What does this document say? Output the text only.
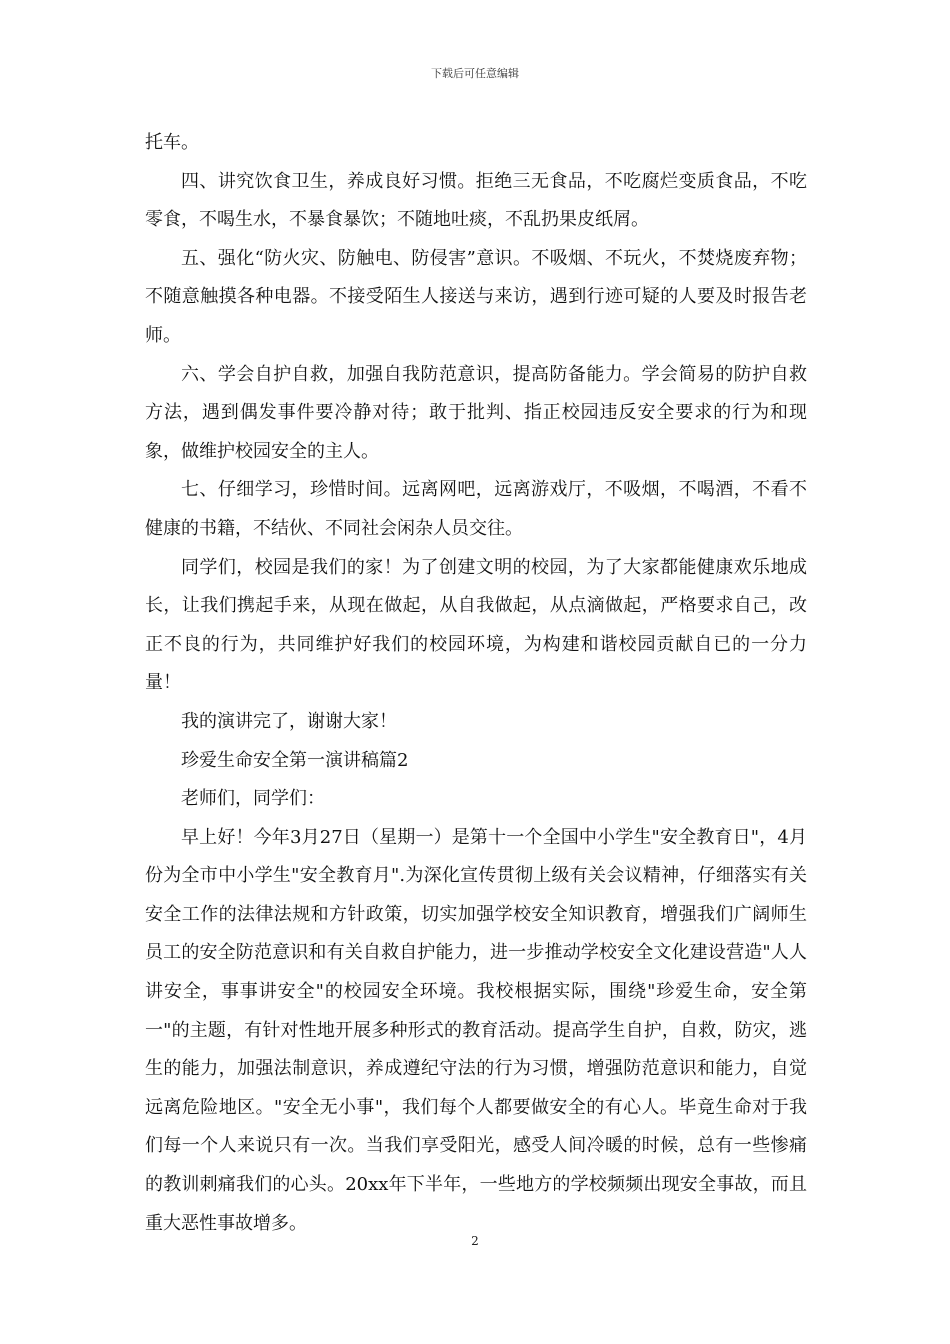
下载后可任意编辑

托车。

四、讲究饮食卫生，养成良好习惯。拒绝三无食品，不吃腐烂变质食品，不吃零食，不喝生水，不暴食暴饮；不随地吐痰，不乱扔果皮纸屑。

五、强化“防火灾、防触电、防侵害”意识。不吸烟、不玩火，不焚烧废弃物；不随意触摸各种电器。不接受陌生人接送与来访，遇到行迹可疑的人要及时报告老师。

六、学会自护自救，加强自我防范意识，提高防备能力。学会简易的防护自救方法，遇到偶发事件要冷静对待；敢于批判、指正校园违反安全要求的行为和现象，做维护校园安全的主人。

七、仔细学习，珍惜时间。远离网吧，远离游戏厅，不吸烟，不喝酒，不看不健康的书籍，不结伙、不同社会闲杂人员交往。

同学们，校园是我们的家！为了创建文明的校园，为了大家都能健康欢乐地成长，让我们携起手来，从现在做起，从自我做起，从点滴做起，严格要求自己，改正不良的行为，共同维护好我们的校园环境，为构建和谐校园贡献自已的一分力量！

我的演讲完了，谢谢大家！

珍爱生命安全第一演讲稿篇2

老师们，同学们：

早上好！今年3月27日（星期一）是第十一个全国中小学生"安全教育日"，4月份为全市中小学生"安全教育月".为深化宣传贯彻上级有关会议精神，仔细落实有关安全工作的法律法规和方针政策，切实加强学校安全知识教育，增强我们广阔师生员工的安全防范意识和有关自救自护能力，进一步推动学校安全文化建设营造"人人讲安全，事事讲安全"的校园安全环境。我校根据实际，围绕"珍爱生命，安全第一"的主题，有针对性地开展多种形式的教育活动。提高学生自护，自救，防灾，逃生的能力，加强法制意识，养成遵纪守法的行为习惯，增强防范意识和能力，自觉远离危险地区。"安全无小事"，我们每个人都要做安全的有心人。毕竟生命对于我们每一个人来说只有一次。当我们享受阳光，感受人间冷暖的时候，总有一些惨痛的教训刺痛我们的心头。20xx年下半年，一些地方的学校频频出现安全事故，而且重大恶性事故增多。

2
